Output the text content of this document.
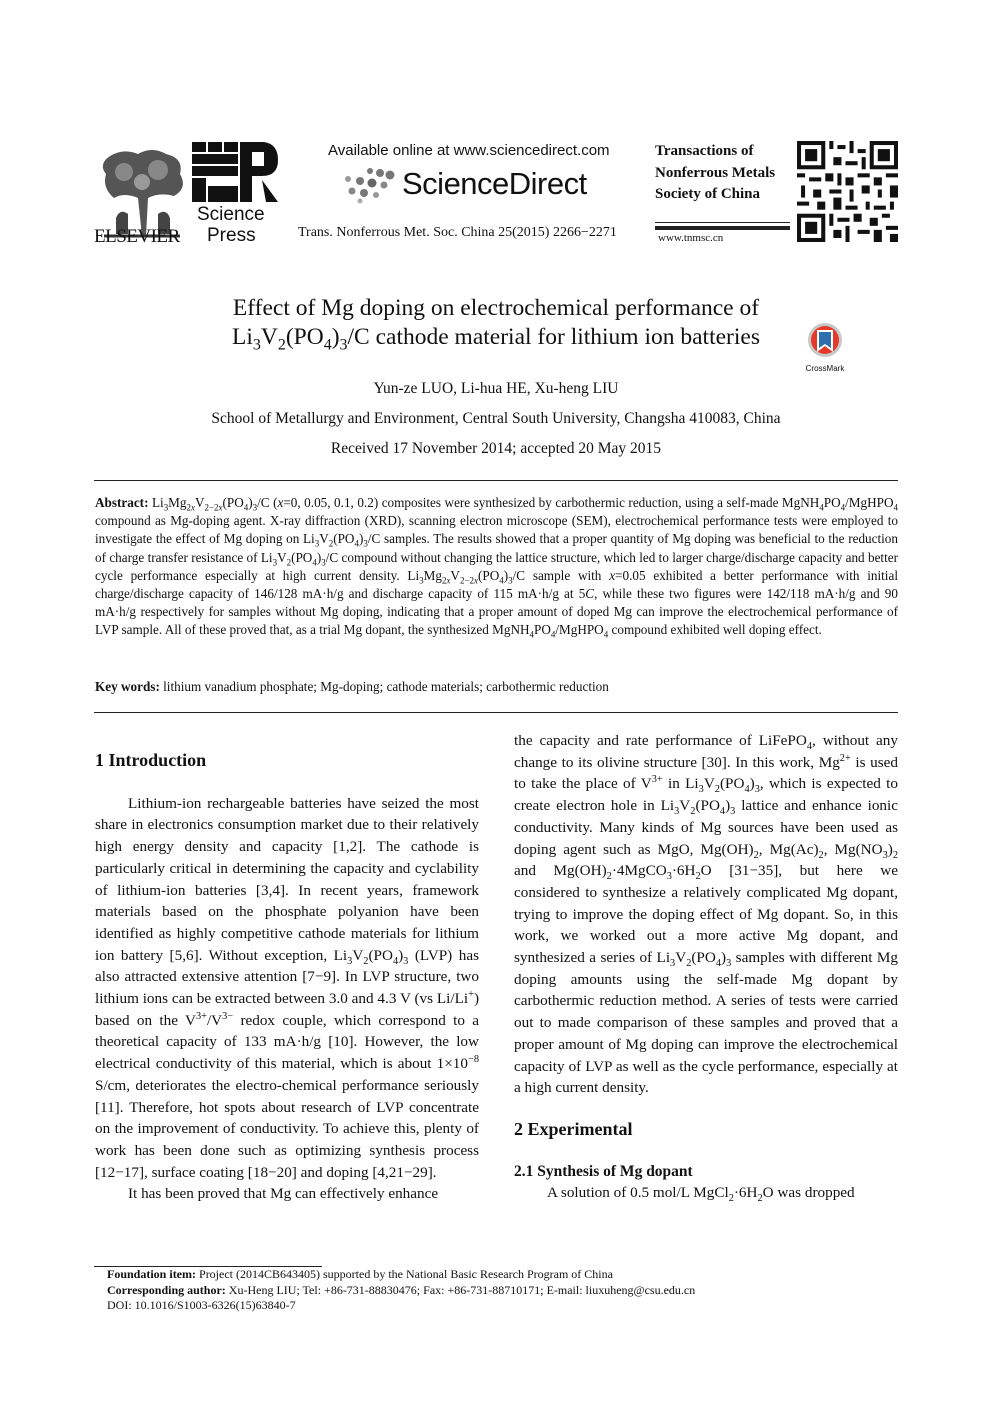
ELSEVIER
Science
Press
Available online at www.sciencedirect.com
ScienceDirect
Trans. Nonferrous Met. Soc. China 25(2015) 2266−2271
Transactions of
Nonferrous Metals
Society of China
www.tnmsc.cn
Effect of Mg doping on electrochemical performance of
$Li_3V_2(PO_4)_3/C$ cathode material for lithium ion batteries
CrossMark
Yun-ze LUO, Li-hua HE, Xu-heng LIU
School of Metallurgy and Environment, Central South University, Changsha 410083, China
Received 17 November 2014; accepted 20 May 2015
Abstract: $Li_3Mg_{2x}V_{2-2x}(PO_4)_3/C$ (x=0, 0.05, 0.1, 0.2) composites were synthesized by carbothermic reduction, using a self-made $MgNH_4PO_4/MgHPO_4$ compound as Mg-doping agent. X-ray diffraction (XRD), scanning electron microscope (SEM), electrochemical performance tests were employed to investigate the effect of Mg doping on $Li_3V_2(PO_4)_3/C$ samples. The results showed that a proper quantity of Mg doping was beneficial to the reduction of charge transfer resistance of $Li_3V_2(PO_4)_3/C$ compound without changing the lattice structure, which led to larger charge/discharge capacity and better cycle performance especially at high current density. $Li_3Mg_{2x}V_{2-2x}(PO_4)_3/C$ sample with x=0.05 exhibited a better performance with initial charge/discharge capacity of 146/128 mA·h/g and discharge capacity of 115 mA·h/g at 5C, while these two figures were 142/118 mA·h/g and 90 mA·h/g respectively for samples without Mg doping, indicating that a proper amount of doped Mg can improve the electrochemical performance of LVP sample. All of these proved that, as a trial Mg dopant, the synthesized $MgNH_4PO_4/MgHPO_4$ compound exhibited well doping effect.
Key words: lithium vanadium phosphate; Mg-doping; cathode materials; carbothermic reduction
1 Introduction
Lithium-ion rechargeable batteries have seized the most share in electronics consumption market due to their relatively high energy density and capacity [1,2]. The cathode is particularly critical in determining the capacity and cyclability of lithium-ion batteries [3,4]. In recent years, framework materials based on the phosphate polyanion have been identified as highly competitive cathode materials for lithium ion battery [5,6]. Without exception, $Li_3V_2(PO_4)_3$ (LVP) has also attracted extensive attention [7−9]. In LVP structure, two lithium ions can be extracted between 3.0 and 4.3 V (vs Li/Li+) based on the $V^{3+}/V^{3-}$ redox couple, which correspond to a theoretical capacity of 133 mA·h/g [10]. However, the low electrical conductivity of this material, which is about $1\times 10^{-8}$ S/cm, deteriorates the electro-chemical performance seriously [11]. Therefore, hot spots about research of LVP concentrate on the improvement of conductivity. To achieve this, plenty of work has been done such as optimizing synthesis process [12−17], surface coating [18−20] and doping [4,21−29].
It has been proved that Mg can effectively enhance
the capacity and rate performance of LiFePO$_4$, without any change to its olivine structure [30]. In this work, $Mg^{2+}$ is used to take the place of $V^{3+}$ in $Li_3V_2(PO_4)_3$, which is expected to create electron hole in $Li_3V_2(PO_4)_3$ lattice and enhance ionic conductivity. Many kinds of Mg sources have been used as doping agent such as MgO, $Mg(OH)_2$, $Mg(Ac)_2$, $Mg(NO_3)_2$ and $Mg(OH)_2\cdot 4MgCO_3\cdot 6H_2O$ [31−35], but here we considered to synthesize a relatively complicated Mg dopant, trying to improve the doping effect of Mg dopant. So, in this work, we worked out a more active Mg dopant, and synthesized a series of $Li_3V_2(PO_4)_3$ samples with different Mg doping amounts using the self-made Mg dopant by carbothermic reduction method. A series of tests were carried out to made comparison of these samples and proved that a proper amount of Mg doping can improve the electrochemical capacity of LVP as well as the cycle performance, especially at a high current density.
2 Experimental
2.1 Synthesis of Mg dopant
A solution of 0.5 mol/L $MgCl_2\cdot 6H_2O$ was dropped
Foundation item: Project (2014CB643405) supported by the National Basic Research Program of China
Corresponding author: Xu-Heng LIU; Tel: +86-731-88830476; Fax: +86-731-88710171; E-mail: liuxuheng@csu.edu.cn
DOI: 10.1016/S1003-6326(15)63840-7
